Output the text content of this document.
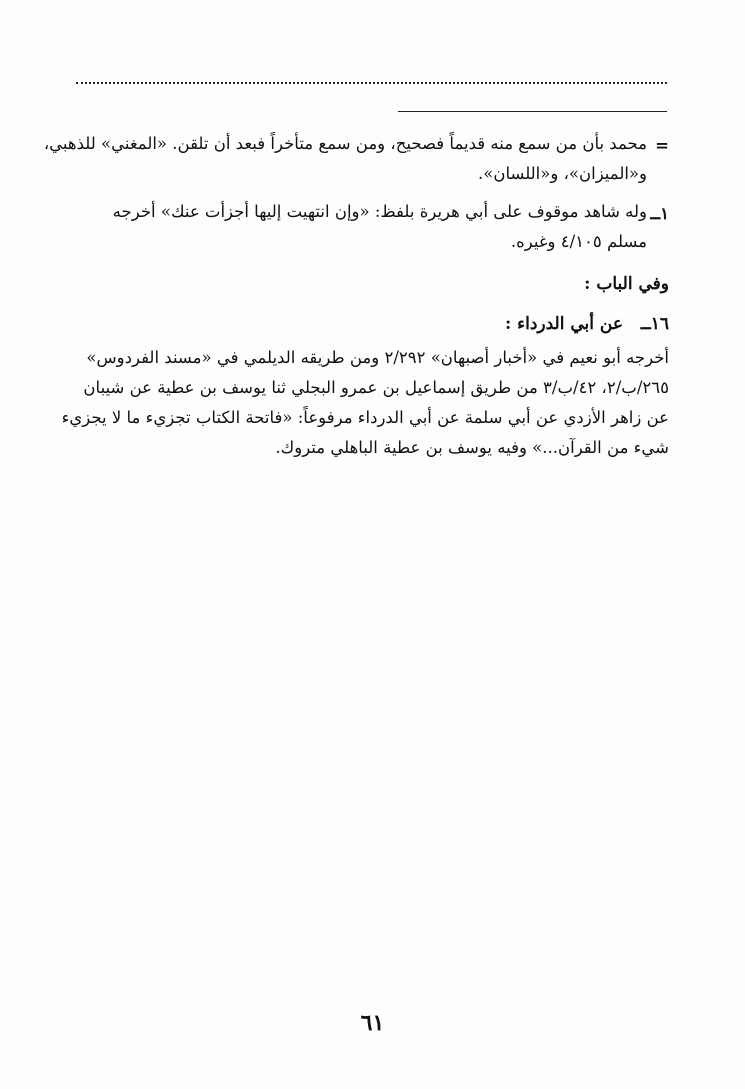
=
محمد بأن من سمع منه قديماً فصحيح، ومن سمع متأخراً فبعد أن تلقن. «المغني» للذهبي،
و«الميزان»، و«اللسان».
١ــ
وله شاهد موقوف على أبي هريرة بلفظ: «وإن انتهيت إليها أجزأت عنك» أخرجه
مسلم ٤/١٠٥ وغيره.
وفي الباب :
١٦ــ
عن أبي الدرداء :
أخرجه أبو نعيم في «أخبار أصبهان» ٢/٢٩٢ ومن طريقه الديلمي في «مسند الفردوس»
٢٦٥/ب/٢، ٤٢/ب/٣ من طريق إسماعيل بن عمرو البجلي ثنا يوسف بن عطية عن شيبان
عن زاهر الأزدي عن أبي سلمة عن أبي الدرداء مرفوعاً: «فاتحة الكتاب تجزيء ما لا يجزيء
شيء من القرآن...» وفيه يوسف بن عطية الباهلي متروك.
٦١
